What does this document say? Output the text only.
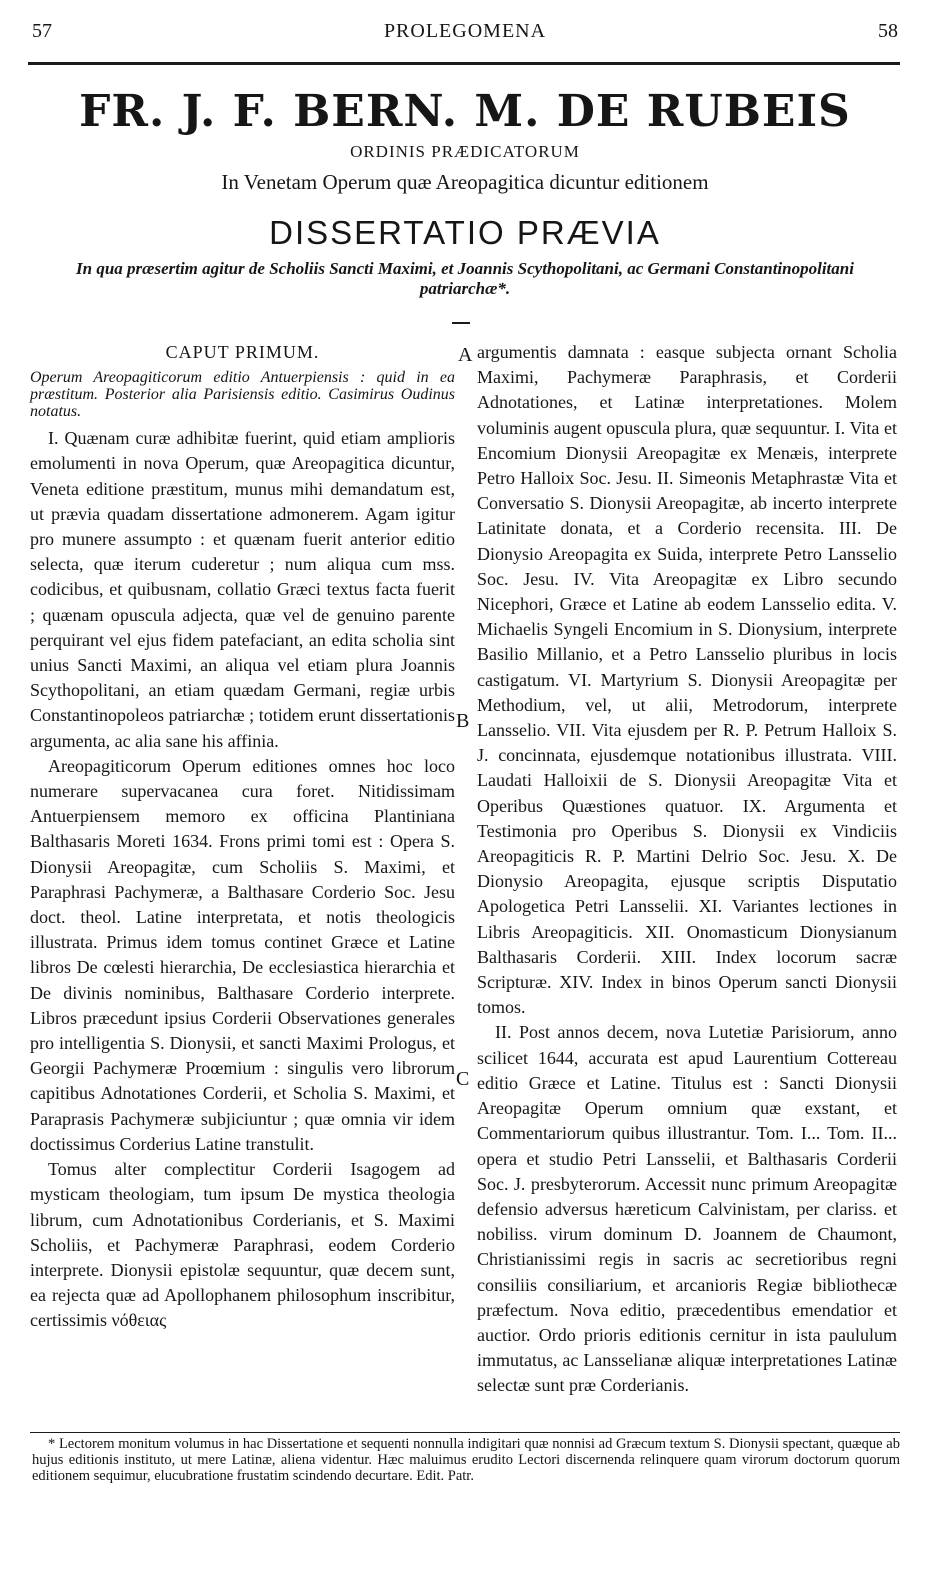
57	PROLEGOMENA	58
FR. J. F. BERN. M. DE RUBEIS
ORDINIS PRÆDICATORUM
In Venetam Operum quæ Areopagitica dicuntur editionem
DISSERTATIO PRÆVIA
In qua præsertim agitur de Scholiis Sancti Maximi, et Joannis Scythopolitani, ac Germani Constantinopolitani patriarchæ*.

CAPUT PRIMUM.

Operum Areopagiticorum editio Antuerpiensis : quid in ea præstitum. Posterior alia Parisiensis editio. Casimirus Oudinus notatus.

I. Quænam curæ adhibitæ fuerint, quid etiam amplioris emolumenti in nova Operum, quæ Areopagitica dicuntur, Veneta editione præstitum, munus mihi demandatum est, ut prævia quadam dissertatione admonerem. Agam igitur pro munere assumpto : et quænam fuerit anterior editio selecta, quæ iterum cuderetur ; num aliqua cum mss. codicibus, et quibusnam, collatio Græci textus facta fuerit ; quænam opuscula adjecta, quæ vel de genuino parente perquirant vel ejus fidem patefaciant, an edita scholia sint unius Sancti Maximi, an aliqua vel etiam plura Joannis Scythopolitani, an etiam quædam Germani, regiæ urbis Constantinopoleos patriarchæ ; totidem erunt dissertationis argumenta, ac alia sane his affinia.

Areopagiticorum Operum editiones omnes hoc loco numerare supervacanea cura foret. Nitidissimam Antuerpiensem memoro ex officina Plantiniana Balthasaris Moreti 1634. Frons primi tomi est : Opera S. Dionysii Areopagitæ, cum Scholiis S. Maximi, et Paraphrasi Pachymeræ, a Balthasare Corderio Soc. Jesu doct. theol. Latine interpretata, et notis theologicis illustrata. Primus idem tomus continet Græce et Latine libros De cœlesti hierarchia, De ecclesiastica hierarchia et De divinis nominibus, Balthasare Corderio interprete. Libros præcedunt ipsius Corderii Observationes generales pro intelligentia S. Dionysii, et sancti Maximi Prologus, et Georgii Pachymeræ Proœmium : singulis vero librorum capitibus Adnotationes Corderii, et Scholia S. Maximi, et Paraprasis Pachymeræ subjiciuntur ; quæ omnia vir idem doctissimus Corderius Latine transtulit.

Tomus alter complectitur Corderii Isagogem ad mysticam theologiam, tum ipsum De mystica theologia librum, cum Adnotationibus Corderianis, et S. Maximi Scholiis, et Pachymeræ Paraphrasi, eodem Corderio interprete. Dionysii epistolæ sequuntur, quæ decem sunt, ea rejecta quæ ad Apollophanem philosophum inscribitur, certissimis νόθειας

A
B
C

argumentis damnata : easque subjecta ornant Scholia Maximi, Pachymeræ Paraphrasis, et Corderii Adnotationes, et Latinæ interpretationes. Molem voluminis augent opuscula plura, quæ sequuntur. I. Vita et Encomium Dionysii Areopagitæ ex Menæis, interprete Petro Halloix Soc. Jesu. II. Simeonis Metaphrastæ Vita et Conversatio S. Dionysii Areopagitæ, ab incerto interprete Latinitate donata, et a Corderio recensita. III. De Dionysio Areopagita ex Suida, interprete Petro Lansselio Soc. Jesu. IV. Vita Areopagitæ ex Libro secundo Nicephori, Græce et Latine ab eodem Lansselio edita. V. Michaelis Syngeli Encomium in S. Dionysium, interprete Basilio Millanio, et a Petro Lansselio pluribus in locis castigatum. VI. Martyrium S. Dionysii Areopagitæ per Methodium, vel, ut alii, Metrodorum, interprete Lansselio. VII. Vita ejusdem per R. P. Petrum Halloix S. J. concinnata, ejusdemque notationibus illustrata. VIII. Laudati Halloixii de S. Dionysii Areopagitæ Vita et Operibus Quæstiones quatuor. IX. Argumenta et Testimonia pro Operibus S. Dionysii ex Vindiciis Areopagiticis R. P. Martini Delrio Soc. Jesu. X. De Dionysio Areopagita, ejusque scriptis Disputatio Apologetica Petri Lansselii. XI. Variantes lectiones in Libris Areopagiticis. XII. Onomasticum Dionysianum Balthasaris Corderii. XIII. Index locorum sacræ Scripturæ. XIV. Index in binos Operum sancti Dionysii tomos.

II. Post annos decem, nova Lutetiæ Parisiorum, anno scilicet 1644, accurata est apud Laurentium Cottereau editio Græce et Latine. Titulus est : Sancti Dionysii Areopagitæ Operum omnium quæ exstant, et Commentariorum quibus illustrantur. Tom. I... Tom. II... opera et studio Petri Lansselii, et Balthasaris Corderii Soc. J. presbyterorum. Accessit nunc primum Areopagitæ defensio adversus hæreticum Calvinistam, per clariss. et nobiliss. virum dominum D. Joannem de Chaumont, Christianissimi regis in sacris ac secretioribus regni consiliis consiliarium, et arcanioris Regiæ bibliothecæ præfectum. Nova editio, præcedentibus emendatior et auctior. Ordo prioris editionis cernitur in ista paululum immutatus, ac Lansselianæ aliquæ interpretationes Latinæ selectæ sunt præ Corderianis.

* Lectorem monitum volumus in hac Dissertatione et sequenti nonnulla indigitari quæ nonnisi ad Græcum textum S. Dionysii spectant, quæque ab hujus editionis instituto, ut mere Latinæ, aliena videntur. Hæc maluimus erudito Lectori discernenda relinquere quam virorum doctorum quorum editionem sequimur, elucubratione frustatim scindendo decurtare. Edit. Patr.
